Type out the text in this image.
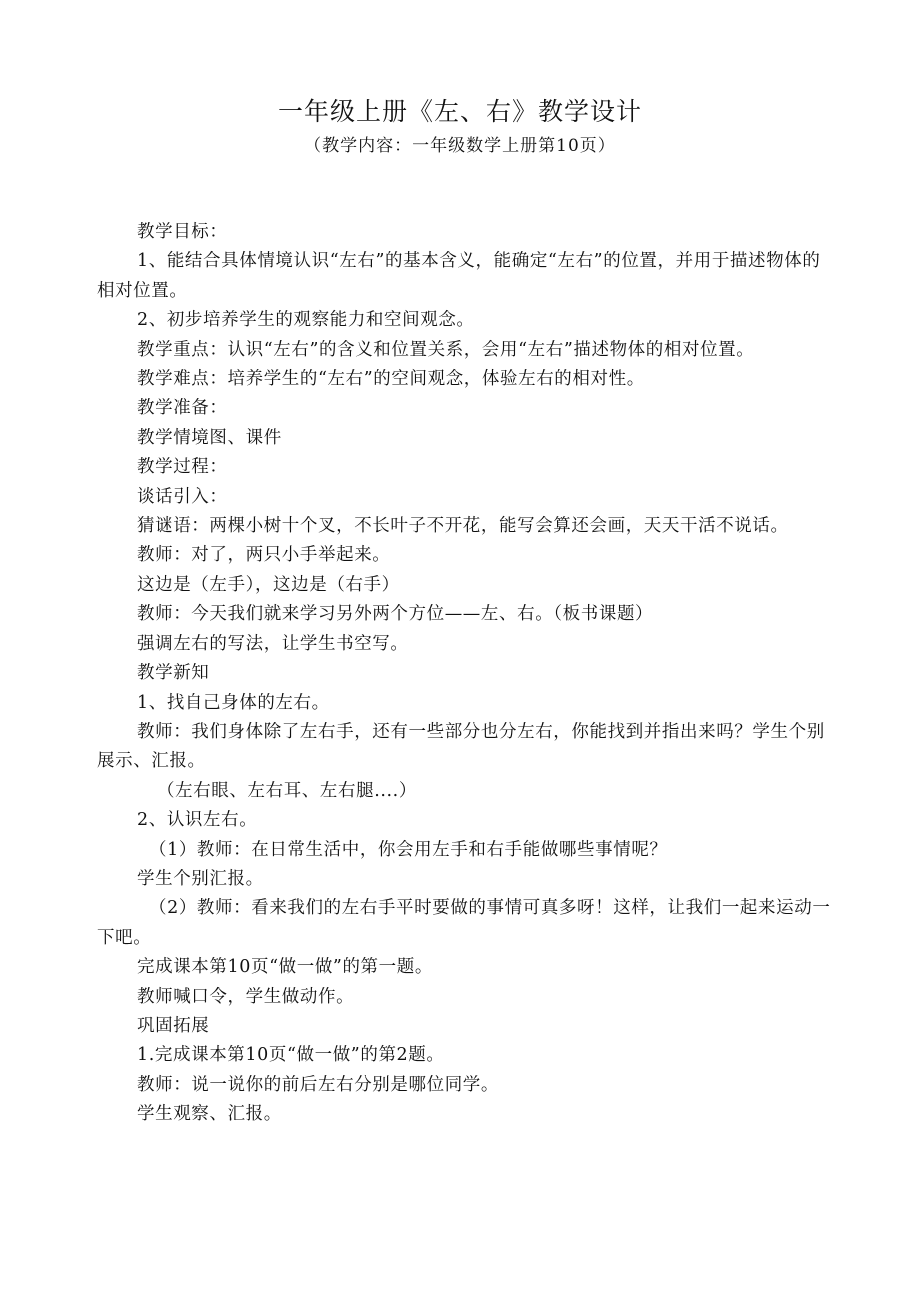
一年级上册《左、右》教学设计
（教学内容：一年级数学上册第10页）

教学目标：

1、能结合具体情境认识“左右”的基本含义，能确定“左右”的位置，并用于描述物体的相对位置。

2、初步培养学生的观察能力和空间观念。

教学重点：认识“左右”的含义和位置关系，会用“左右”描述物体的相对位置。

教学难点：培养学生的“左右”的空间观念，体验左右的相对性。

教学准备：

教学情境图、课件

教学过程：

谈话引入：

猜谜语：两棵小树十个叉，不长叶子不开花，能写会算还会画，天天干活不说话。

教师：对了，两只小手举起来。

这边是（左手），这边是（右手）

教师：今天我们就来学习另外两个方位——左、右。（板书课题）

强调左右的写法，让学生书空写。

教学新知

1、找自己身体的左右。

教师：我们身体除了左右手，还有一些部分也分左右，你能找到并指出来吗？学生个别展示、汇报。

（左右眼、左右耳、左右腿....）

2、认识左右。

（1）教师：在日常生活中，你会用左手和右手能做哪些事情呢？

学生个别汇报。

（2）教师：看来我们的左右手平时要做的事情可真多呀！这样，让我们一起来运动一下吧。

完成课本第10页“做一做”的第一题。

教师喊口令，学生做动作。

巩固拓展

1.完成课本第10页“做一做”的第2题。

教师：说一说你的前后左右分别是哪位同学。

学生观察、汇报。
